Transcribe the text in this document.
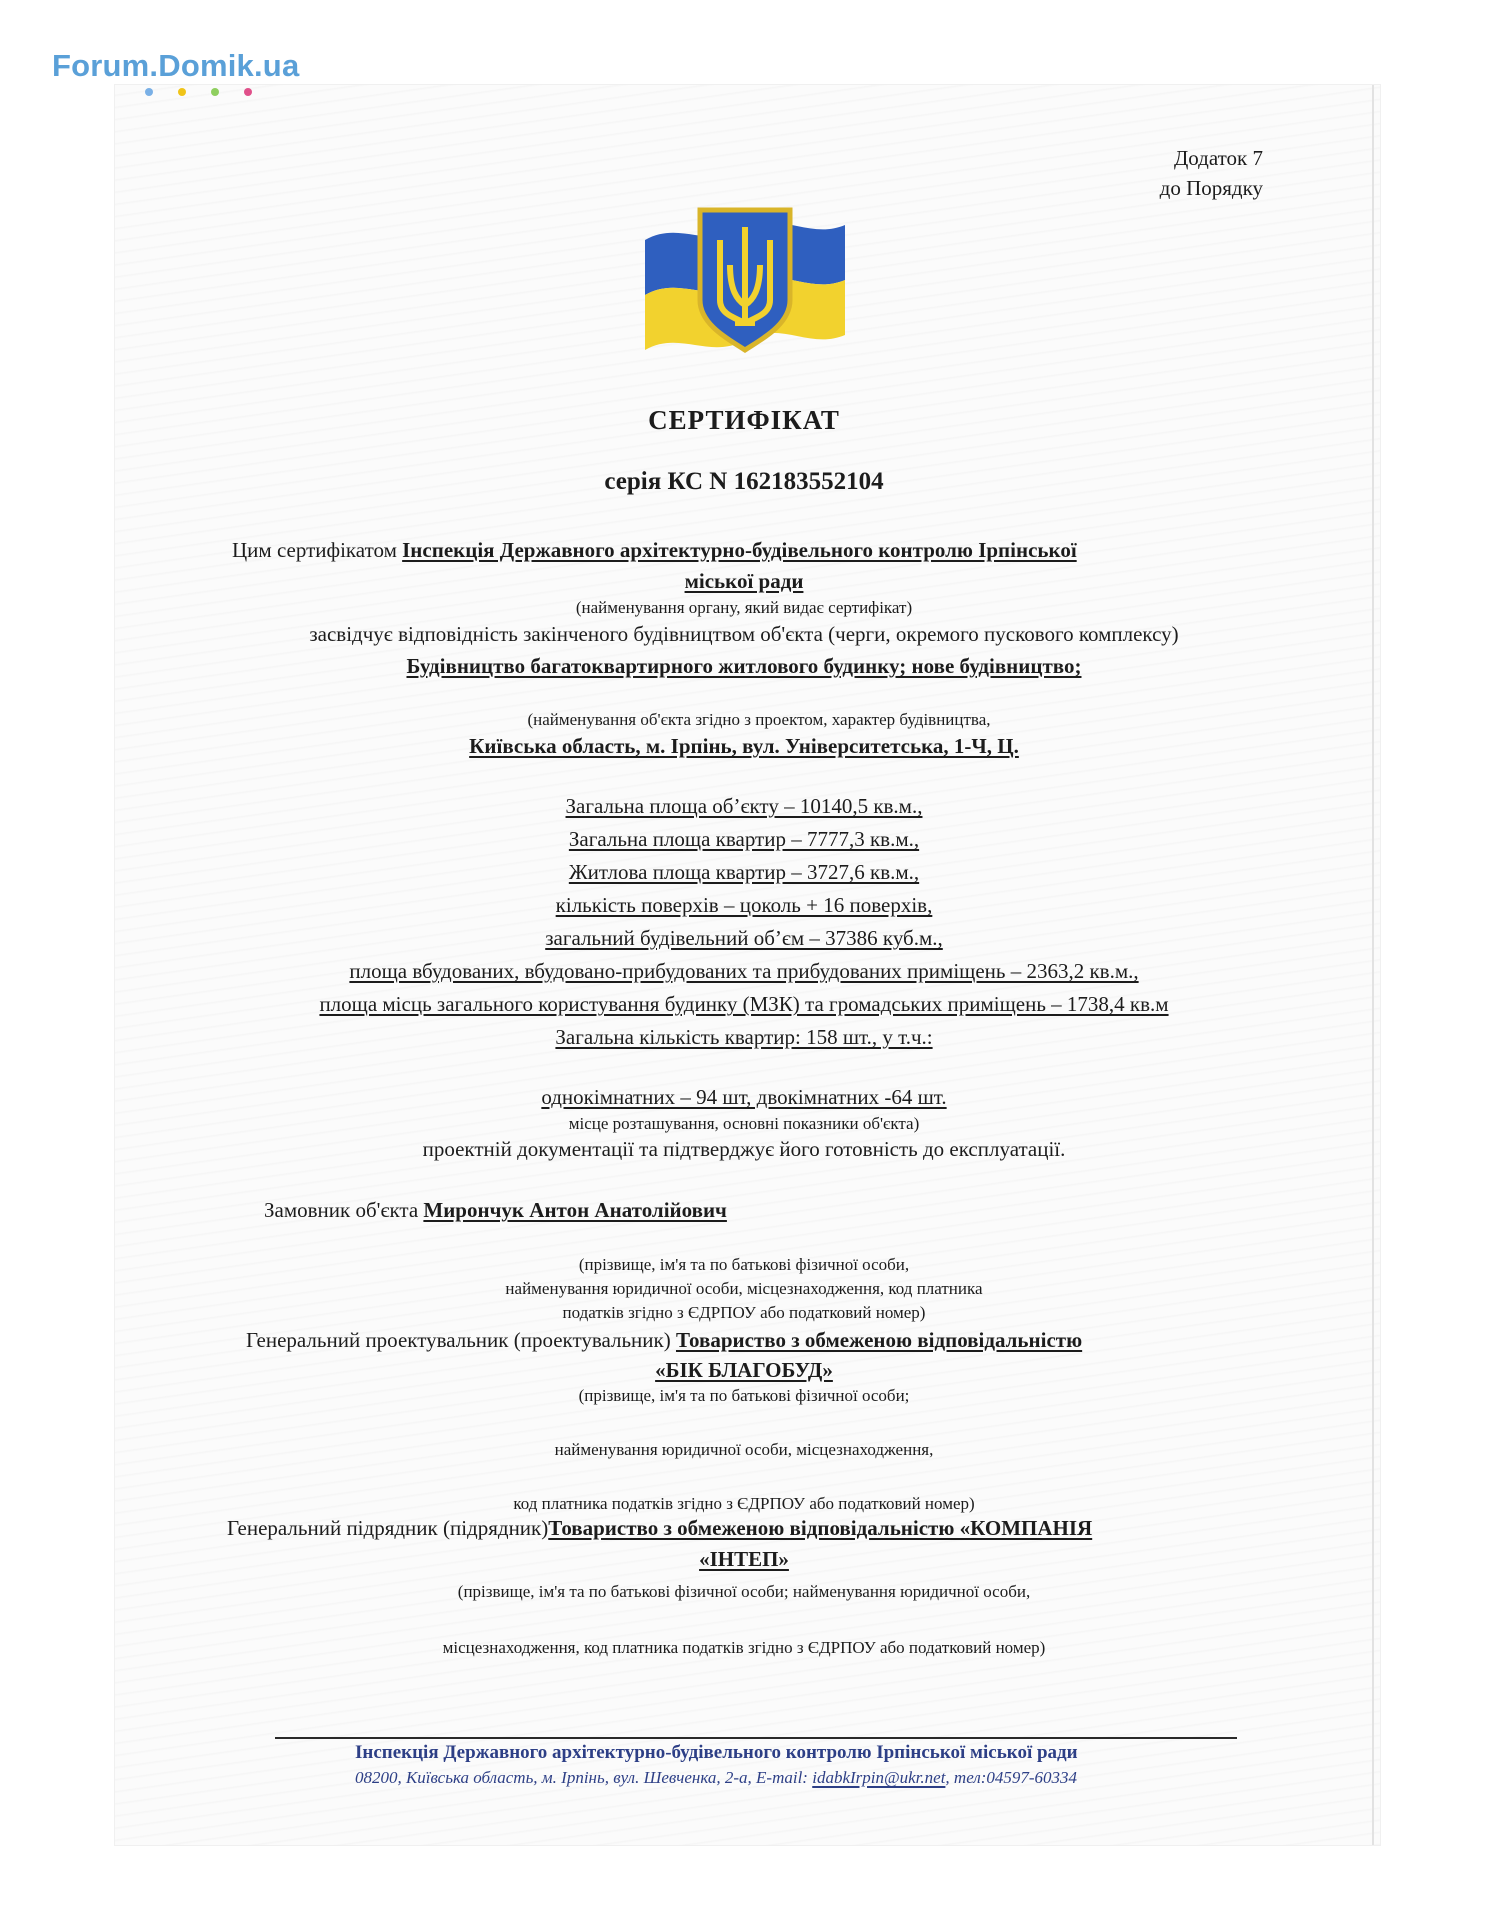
Forum.Domik.ua
Додаток 7
до Порядку
СЕРТИФІКАТ
серія КС N 16218355210​4
Цим сертифікатом Інспекція Державного архітектурно-будівельного контролю Ірпінської
міської ради
(найменування органу, який видає сертифікат)
засвідчує відповідність закінченого будівництвом об'єкта (черги, окремого пускового комплексу)
Будівництво багатоквартирного житлового будинку; нове будівництво;
(найменування об'єкта згідно з проектом, характер будівництва,
Київська область, м. Ірпінь, вул. Університетська, 1-Ч, Ц.
Загальна площа об’єкту – 10140,5 кв.м.,
Загальна площа квартир – 7777,3 кв.м.,
Житлова площа квартир – 3727,6 кв.м.,
кількість поверхів – цоколь + 16 поверхів,
загальний будівельний об’єм – 37386 куб.м.,
площа вбудованих, вбудовано-прибудованих та прибудованих приміщень – 2363,2 кв.м.,
площа місць загального користування будинку (МЗК) та громадських приміщень – 1738,4 кв.м
Загальна кількість квартир: 158 шт., у т.ч.:
однокімнатних – 94 шт, двокімнатних -64 шт.
місце розташування, основні показники об'єкта)
проектній документації та підтверджує його готовність до експлуатації.
Замовник об'єкта Мирончук Антон Анатолійович
(прізвище, ім'я та по батькові фізичної особи,
найменування юридичної особи, місцезнаходження, код платника
податків згідно з ЄДРПОУ або податковий номер)
Генеральний проектувальник (проектувальник) Товариство з обмеженою відповідальністю
«БІК БЛАГОБУД»
(прізвище, ім'я та по батькові фізичної особи;
найменування юридичної особи, місцезнаходження,
код платника податків згідно з ЄДРПОУ або податковий номер)
Генеральний підрядник (підрядник)Товариство з обмеженою відповідальністю «КОМПАНІЯ
«ІНТЕП»
(прізвище, ім'я та по батькові фізичної особи; найменування юридичної особи,
місцезнаходження, код платника податків згідно з ЄДРПОУ або податковий номер)
Інспекція Державного архітектурно-будівельного контролю Ірпінської міської ради
08200, Київська область, м. Ірпінь, вул. Шевченка, 2-а, E-mail: idabkIrpin@ukr.net, тел:04597-60334
